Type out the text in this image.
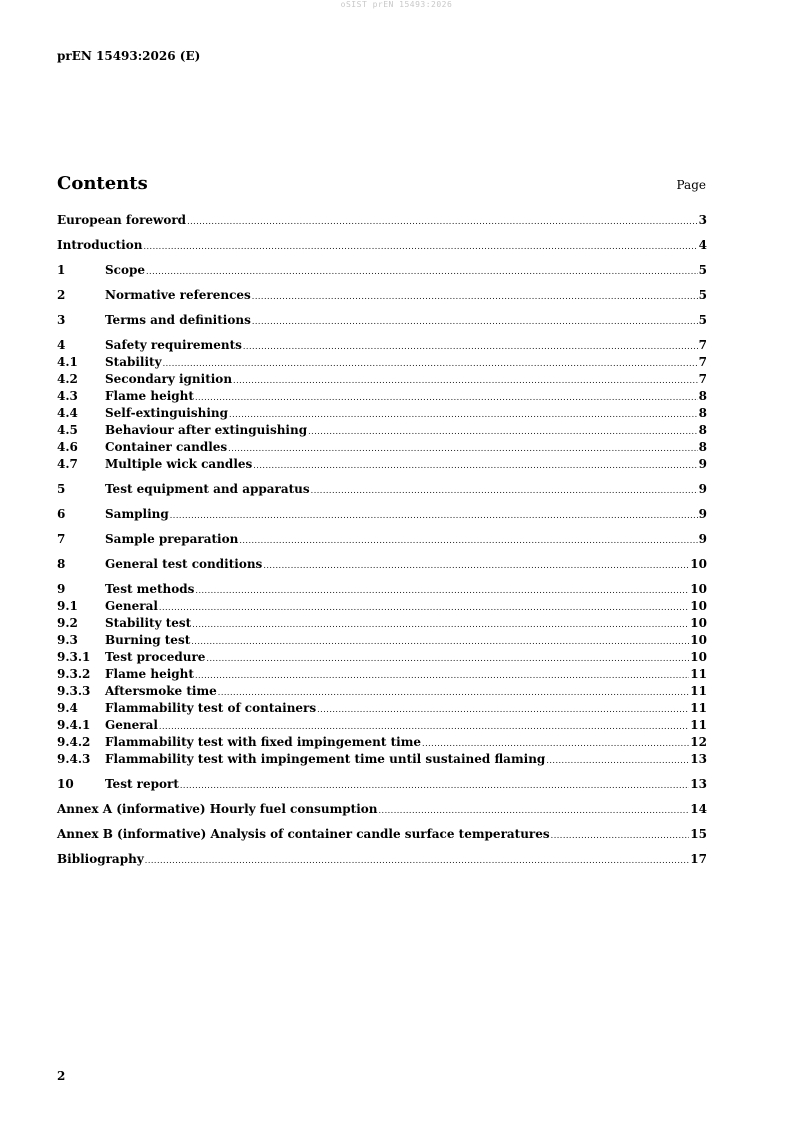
oSIST prEN 15493:2026
prEN 15493:2026 (E)
Contents	Page
European foreword .....	3
Introduction .....	4
1	Scope .....	5
2	Normative references .....	5
3	Terms and definitions .....	5
4	Safety requirements .....	7
4.1	Stability .....	7
4.2	Secondary ignition .....	7
4.3	Flame height .....	8
4.4	Self-extinguishing .....	8
4.5	Behaviour after extinguishing .....	8
4.6	Container candles .....	8
4.7	Multiple wick candles .....	9
5	Test equipment and apparatus .....	9
6	Sampling .....	9
7	Sample preparation .....	9
8	General test conditions .....	10
9	Test methods .....	10
9.1	General .....	10
9.2	Stability test .....	10
9.3	Burning test .....	10
9.3.1	Test procedure .....	10
9.3.2	Flame height .....	11
9.3.3	Aftersmoke time .....	11
9.4	Flammability test of containers .....	11
9.4.1	General .....	11
9.4.2	Flammability test with fixed impingement time .....	12
9.4.3	Flammability test with impingement time until sustained flaming .....	13
10	Test report .....	13
Annex A (informative) Hourly fuel consumption .....	14
Annex B (informative) Analysis of container candle surface temperatures .....	15
Bibliography .....	17
2
